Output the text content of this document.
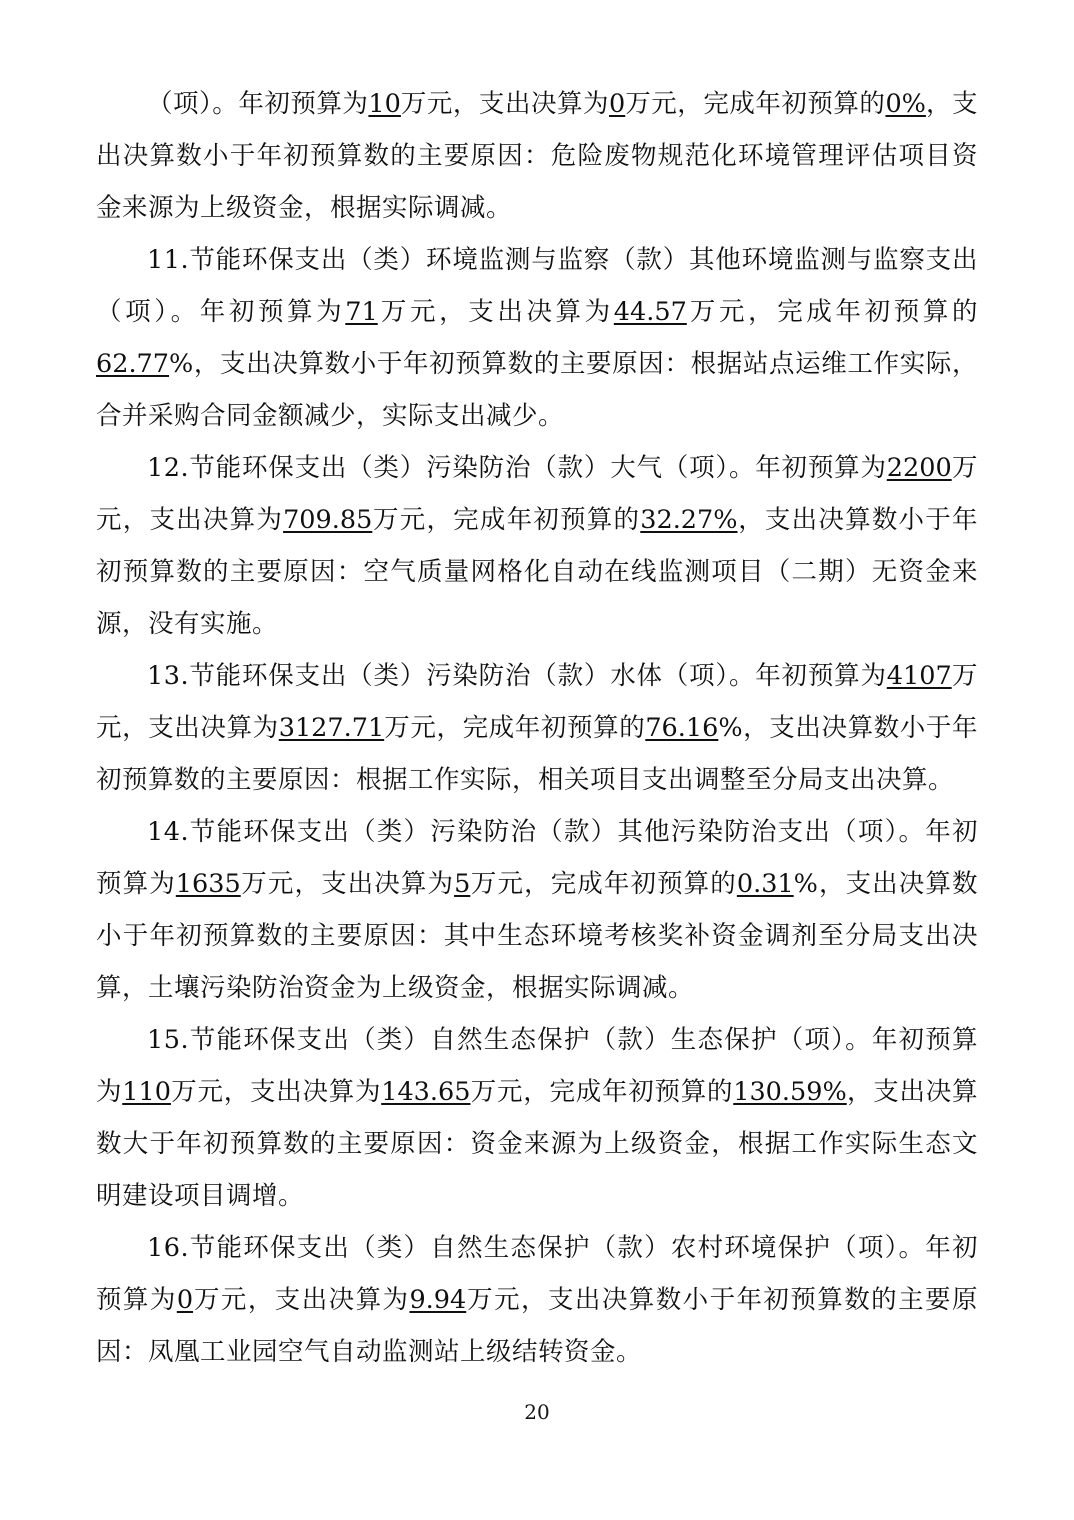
（项）。年初预算为10万元，支出决算为0万元，完成年初预算的0%，支出决算数小于年初预算数的主要原因：危险废物规范化环境管理评估项目资金来源为上级资金，根据实际调减。

11.节能环保支出（类）环境监测与监察（款）其他环境监测与监察支出（项）。年初预算为71万元，支出决算为44.57万元，完成年初预算的62.77%，支出决算数小于年初预算数的主要原因：根据站点运维工作实际，合并采购合同金额减少，实际支出减少。

12.节能环保支出（类）污染防治（款）大气（项）。年初预算为2200万元，支出决算为709.85万元，完成年初预算的32.27%，支出决算数小于年初预算数的主要原因：空气质量网格化自动在线监测项目（二期）无资金来源，没有实施。

13.节能环保支出（类）污染防治（款）水体（项）。年初预算为4107万元，支出决算为3127.71万元，完成年初预算的76.16%，支出决算数小于年初预算数的主要原因：根据工作实际，相关项目支出调整至分局支出决算。

14.节能环保支出（类）污染防治（款）其他污染防治支出（项）。年初预算为1635万元，支出决算为5万元，完成年初预算的0.31%，支出决算数小于年初预算数的主要原因：其中生态环境考核奖补资金调剂至分局支出决算，土壤污染防治资金为上级资金，根据实际调减。

15.节能环保支出（类）自然生态保护（款）生态保护（项）。年初预算为110万元，支出决算为143.65万元，完成年初预算的130.59%，支出决算数大于年初预算数的主要原因：资金来源为上级资金，根据工作实际生态文明建设项目调增。

16.节能环保支出（类）自然生态保护（款）农村环境保护（项）。年初预算为0万元，支出决算为9.94万元，支出决算数小于年初预算数的主要原因：凤凰工业园空气自动监测站上级结转资金。

20
